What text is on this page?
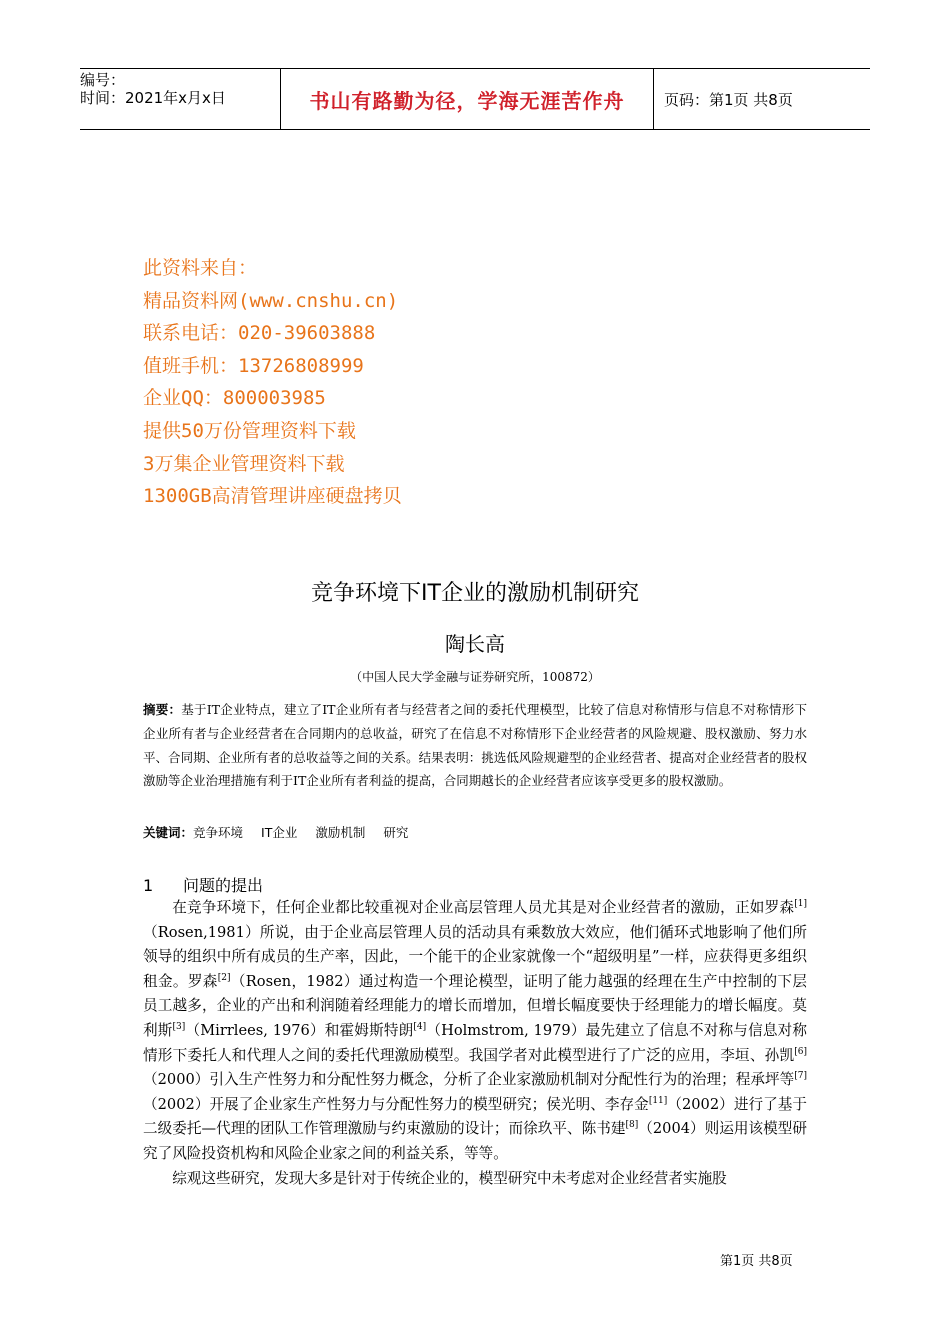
编号：
时间：2021年x月x日	书山有路勤为径，学海无涯苦作舟	页码：第1页 共8页
此资料来自：
精品资料网(www.cnshu.cn)
联系电话：020-39603888
值班手机：13726808999
企业QQ：800003985
提供50万份管理资料下载
3万集企业管理资料下载
1300GB高清管理讲座硬盘拷贝
竞争环境下IT企业的激励机制研究
陶长高
（中国人民大学金融与证券研究所，100872）
摘要：基于IT企业特点，建立了IT企业所有者与经营者之间的委托代理模型，比较了信息对称情形与信息不对称情形下企业所有者与企业经营者在合同期内的总收益，研究了在信息不对称情形下企业经营者的风险规避、股权激励、努力水平、合同期、企业所有者的总收益等之间的关系。结果表明：挑选低风险规避型的企业经营者、提高对企业经营者的股权激励等企业治理措施有利于IT企业所有者利益的提高，合同期越长的企业经营者应该享受更多的股权激励。
关键词：竞争环境 IT企业 激励机制 研究
1 问题的提出

在竞争环境下，任何企业都比较重视对企业高层管理人员尤其是对企业经营者的激励，正如罗森[1]（Rosen,1981）所说，由于企业高层管理人员的活动具有乘数放大效应，他们循环式地影响了他们所领导的组织中所有成员的生产率，因此，一个能干的企业家就像一个“超级明星”一样，应获得更多组织租金。罗森[2]（Rosen，1982）通过构造一个理论模型，证明了能力越强的经理在生产中控制的下层员工越多，企业的产出和利润随着经理能力的增长而增加，但增长幅度要快于经理能力的增长幅度。莫利斯[3]（Mirrlees, 1976）和霍姆斯特朗[4]（Holmstrom, 1979）最先建立了信息不对称与信息对称情形下委托人和代理人之间的委托代理激励模型。我国学者对此模型进行了广泛的应用，李垣、孙凯[6]（2000）引入生产性努力和分配性努力概念，分析了企业家激励机制对分配性行为的治理；程承坪等[7]（2002）开展了企业家生产性努力与分配性努力的模型研究；侯光明、李存金[11]（2002）进行了基于二级委托—代理的团队工作管理激励与约束激励的设计；而徐玖平、陈书建[8]（2004）则运用该模型研究了风险投资机构和风险企业家之间的利益关系，等等。

综观这些研究，发现大多是针对于传统企业的，模型研究中未考虑对企业经营者实施股

第1页 共8页
